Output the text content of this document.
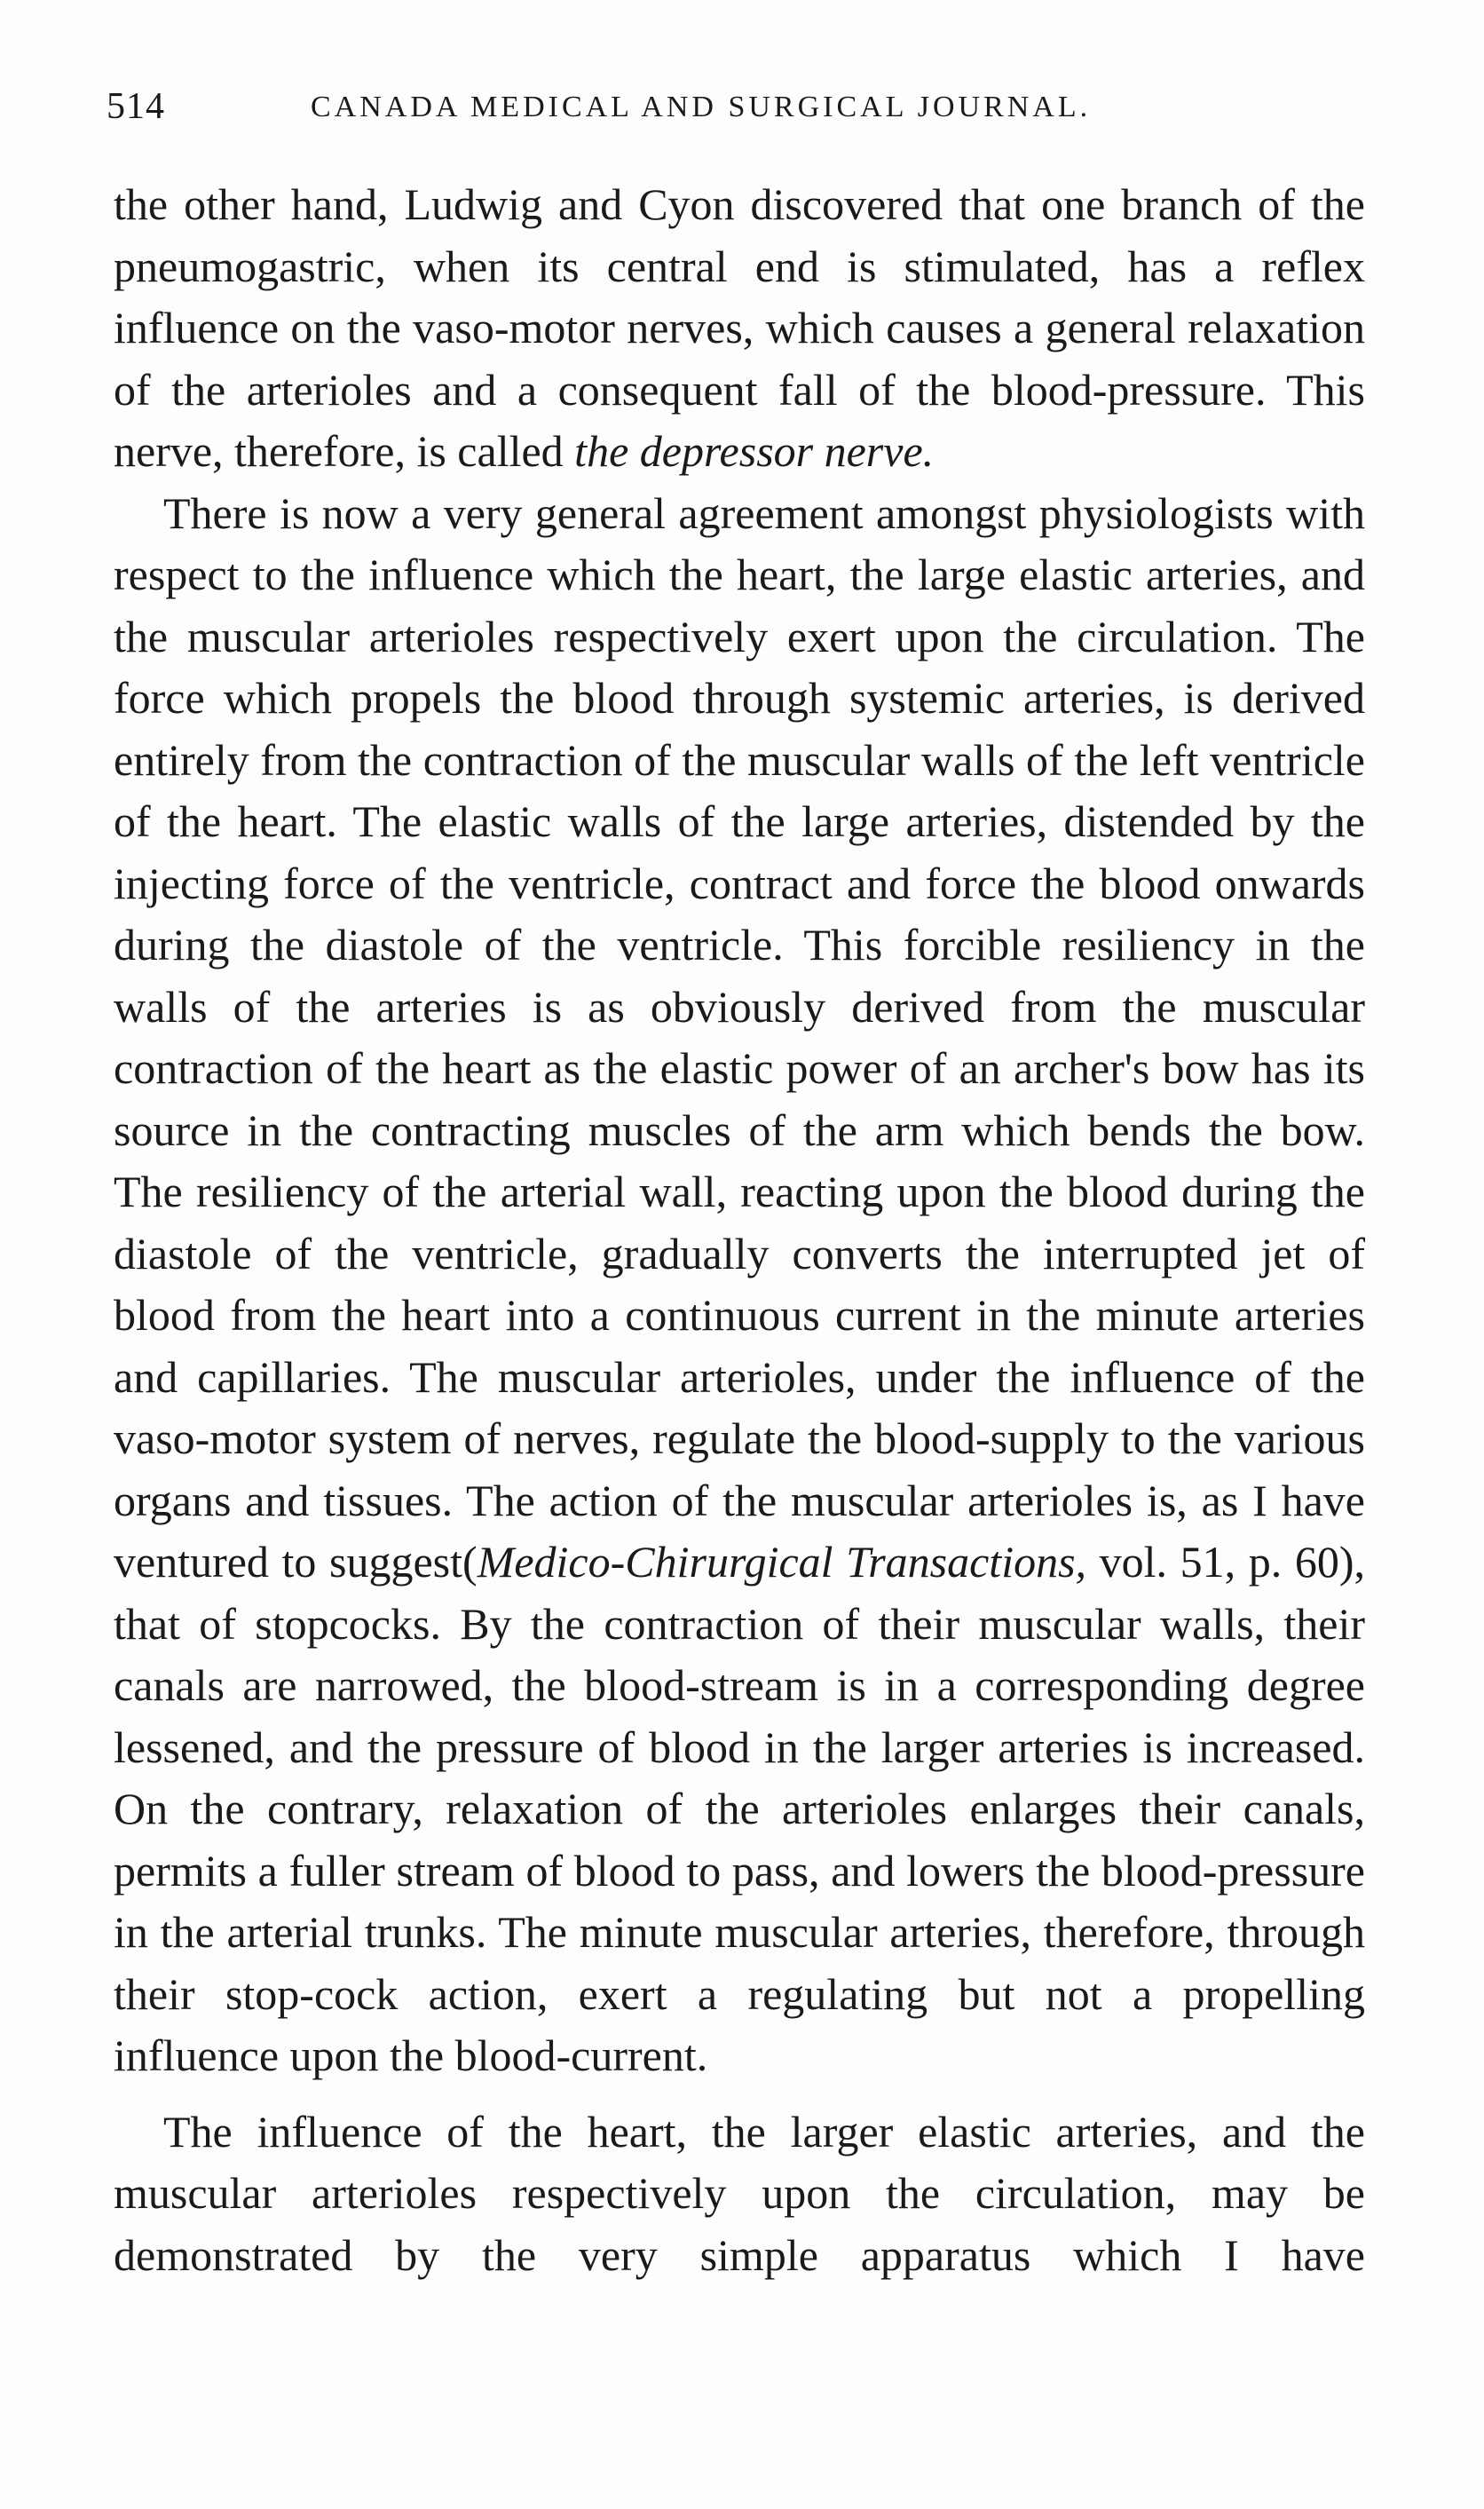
514	CANADA MEDICAL AND SURGICAL JOURNAL.

the other hand, Ludwig and Cyon discovered that one branch of the pneumogastric, when its central end is stimulated, has a reflex influence on the vaso-motor nerves, which causes a general relaxation of the arterioles and a consequent fall of the blood-pressure. This nerve, therefore, is called the depressor nerve.

There is now a very general agreement amongst physiologists with respect to the influence which the heart, the large elastic arteries, and the muscular arterioles respectively exert upon the circulation. The force which propels the blood through systemic arteries, is derived entirely from the contraction of the muscular walls of the left ventricle of the heart. The elastic walls of the large arteries, distended by the injecting force of the ventricle, contract and force the blood onwards during the diastole of the ventricle. This forcible resiliency in the walls of the arteries is as obviously derived from the muscular contraction of the heart as the elastic power of an archer's bow has its source in the contracting muscles of the arm which bends the bow. The resiliency of the arterial wall, reacting upon the blood during the diastole of the ventricle, gradually converts the interrupted jet of blood from the heart into a continuous current in the minute arteries and capillaries. The muscular arterioles, under the influence of the vaso-motor system of nerves, regulate the blood-supply to the various organs and tissues. The action of the muscular arterioles is, as I have ventured to suggest(Medico-Chirurgical Transactions, vol. 51, p. 60), that of stopcocks. By the contraction of their muscular walls, their canals are narrowed, the blood-stream is in a corresponding degree lessened, and the pressure of blood in the larger arteries is increased. On the contrary, relaxation of the arterioles enlarges their canals, permits a fuller stream of blood to pass, and lowers the blood-pressure in the arterial trunks. The minute muscular arteries, therefore, through their stop-cock action, exert a regulating but not a propelling influence upon the blood-current.

The influence of the heart, the larger elastic arteries, and the muscular arterioles respectively upon the circulation, may be demonstrated by the very simple apparatus which I have
